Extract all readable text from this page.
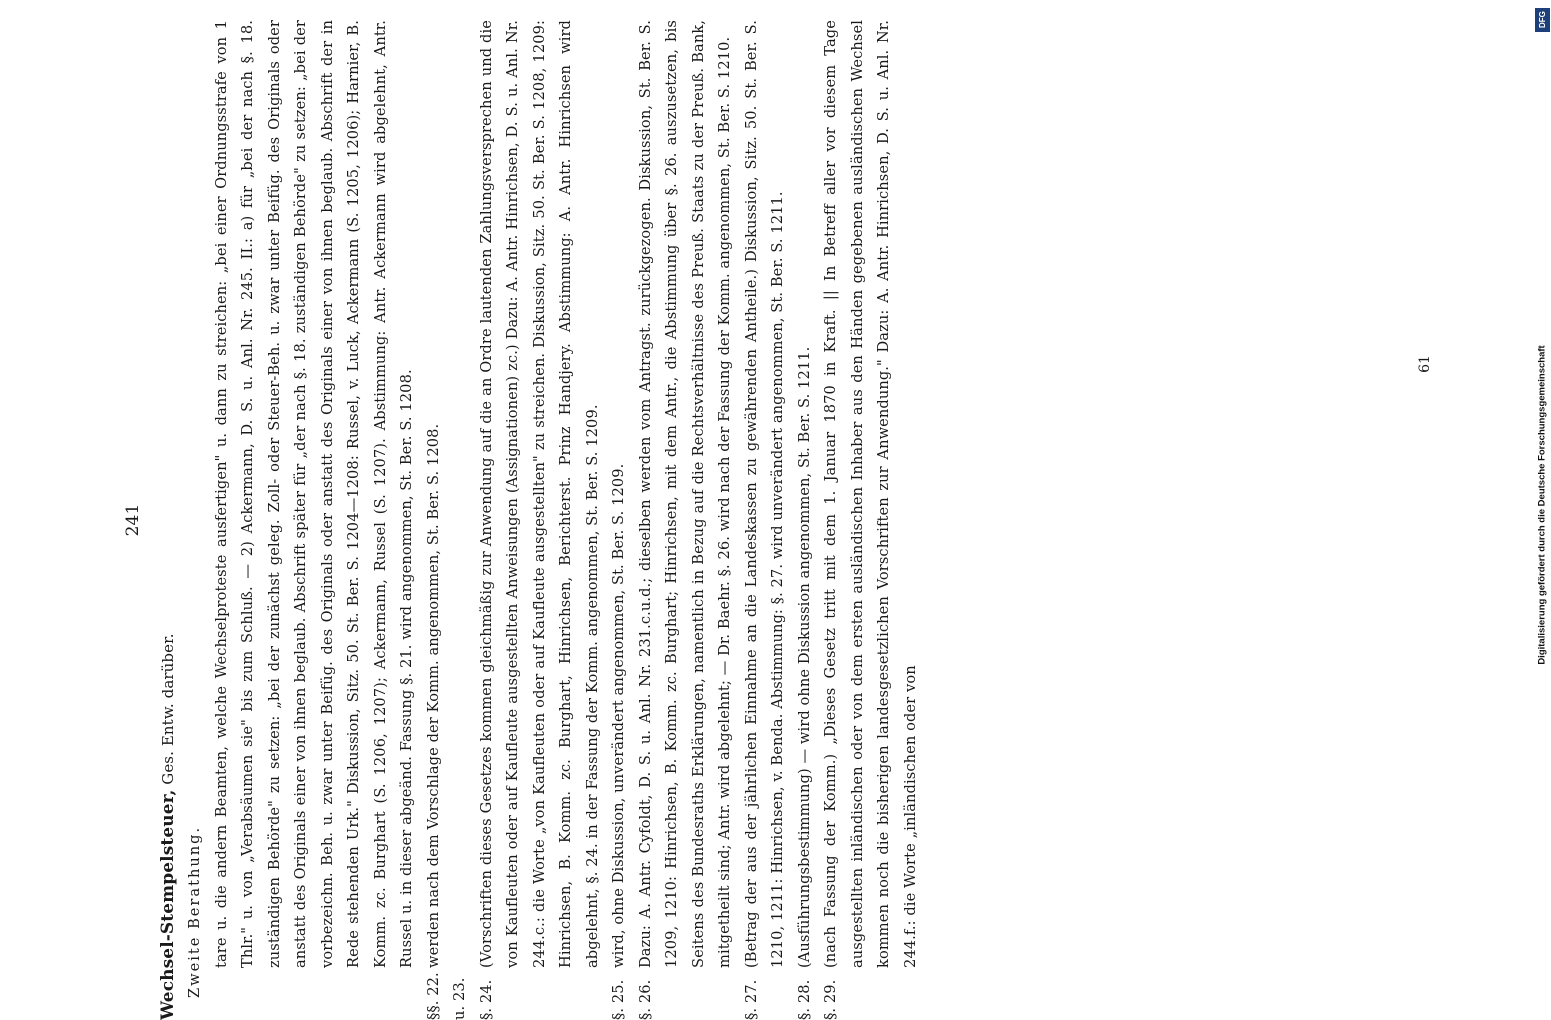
241
Wechsel-Stempelsteuer, Ges. Entw. darüber.
Zweite Berathung. tare u. die andern Beamten, welche Wechselproteste ausfertigen" u. dann zu streichen: „bei einer Ordnungsstrafe von 1 Thlr." u. von „Verabsäumen sie" bis zum Schluß. — 2) Ackermann, D. S. u. Anl. Nr. 245. II.: a) für „bei der nach §. 18. zuständigen Behörde" zu setzen: „bei der zunächst geleg. Zoll- oder Steuer-Beh. u. zwar unter Beifüg. des Originals oder anstatt des Originals einer von ihnen beglaub. Abschrift später für „der nach §. 18. zuständigen Behörde" zu setzen: „bei der vorbezeichn. Beh. u. zwar unter Beifüg. des Originals oder anstatt des Originals einer von ihnen beglaub. Abschrift der in Rede stehenden Urk." Diskussion, Sitz. 50. St. Ber. S. 1204—1208: Russel, v. Luck, Ackermann (S. 1205, 1206); Harnier, B. Komm. zc. Burghart (S. 1206, 1207); Ackermann, Russel (S. 1207). Abstimmung: Antr. Ackermann wird abgelehnt, Antr. Russel u. in dieser abgeänd. Fassung §. 21. wird angenommen, St. Ber. S. 1208.
§§. 22. u. 23.
werden nach dem Vorschlage der Komm. angenommen, St. Ber. S. 1208.
§. 24.
(Vorschriften dieses Gesetzes kommen gleichmäßig zur Anwendung auf die an Ordre lautenden Zahlungsversprechen und die von Kaufleuten oder auf Kaufleute ausgestellten Anweisungen (Assignationen) zc.) Dazu: A. Antr. Hinrichsen, D. S. u. Anl. Nr. 244.c.: die Worte „von Kaufleuten oder auf Kaufleute ausgestellten" zu streichen. Diskussion, Sitz. 50. St. Ber. S. 1208, 1209: Hinrichsen, B. Komm. zc. Burghart, Hinrichsen, Berichterst. Prinz Handjery. Abstimmung: A. Antr. Hinrichsen wird abgelehnt, §. 24. in der Fassung der Komm. angenommen, St. Ber. S. 1209.
§. 25.
wird, ohne Diskussion, unverändert angenommen, St. Ber. S. 1209.
§. 26.
Dazu: A. Antr. Cyfoldt, D. S. u. Anl. Nr. 231.c.u.d.; dieselben werden vom Antragst. zurückgezogen. Diskussion, St. Ber. S. 1209, 1210: Hinrichsen, B. Komm. zc. Burghart; Hinrichsen, mit dem Antr., die Abstimmung über §. 26. auszusetzen, bis Seitens des Bundesraths Erklärungen, namentlich in Bezug auf die Rechtsverhältnisse des Preuß. Staats zu der Preuß. Bank, mitgetheilt sind; Antr. wird abgelehnt; — Dr. Baehr. §. 26. wird nach der Fassung der Komm. angenommen, St. Ber. S. 1210.
§. 27.
(Betrag der aus der jährlichen Einnahme an die Landeskassen zu gewährenden Antheile.) Diskussion, Sitz. 50. St. Ber. S. 1210, 1211: Hinrichsen, v. Benda. Abstimmung: §. 27. wird unverändert angenommen, St. Ber. S. 1211.
§. 28.
(Ausführungsbestimmung) — wird ohne Diskussion angenommen, St. Ber. S. 1211.
§. 29.
(nach Fassung der Komm.) „Dieses Gesetz tritt mit dem 1. Januar 1870 in Kraft. || In Betreff aller vor diesem Tage ausgestellten inländischen oder von dem ersten ausländischen Inhaber aus den Händen gegebenen ausländischen Wechsel kommen noch die bisherigen landesgesetzlichen Vorschriften zur Anwendung." Dazu: A. Antr. Hinrichsen, D. S. u. Anl. Nr. 244.f.: die Worte „inländischen oder von
61	Digitalisierung gefördert durch die Deutsche Forschungsgemeinschaft
DFG
